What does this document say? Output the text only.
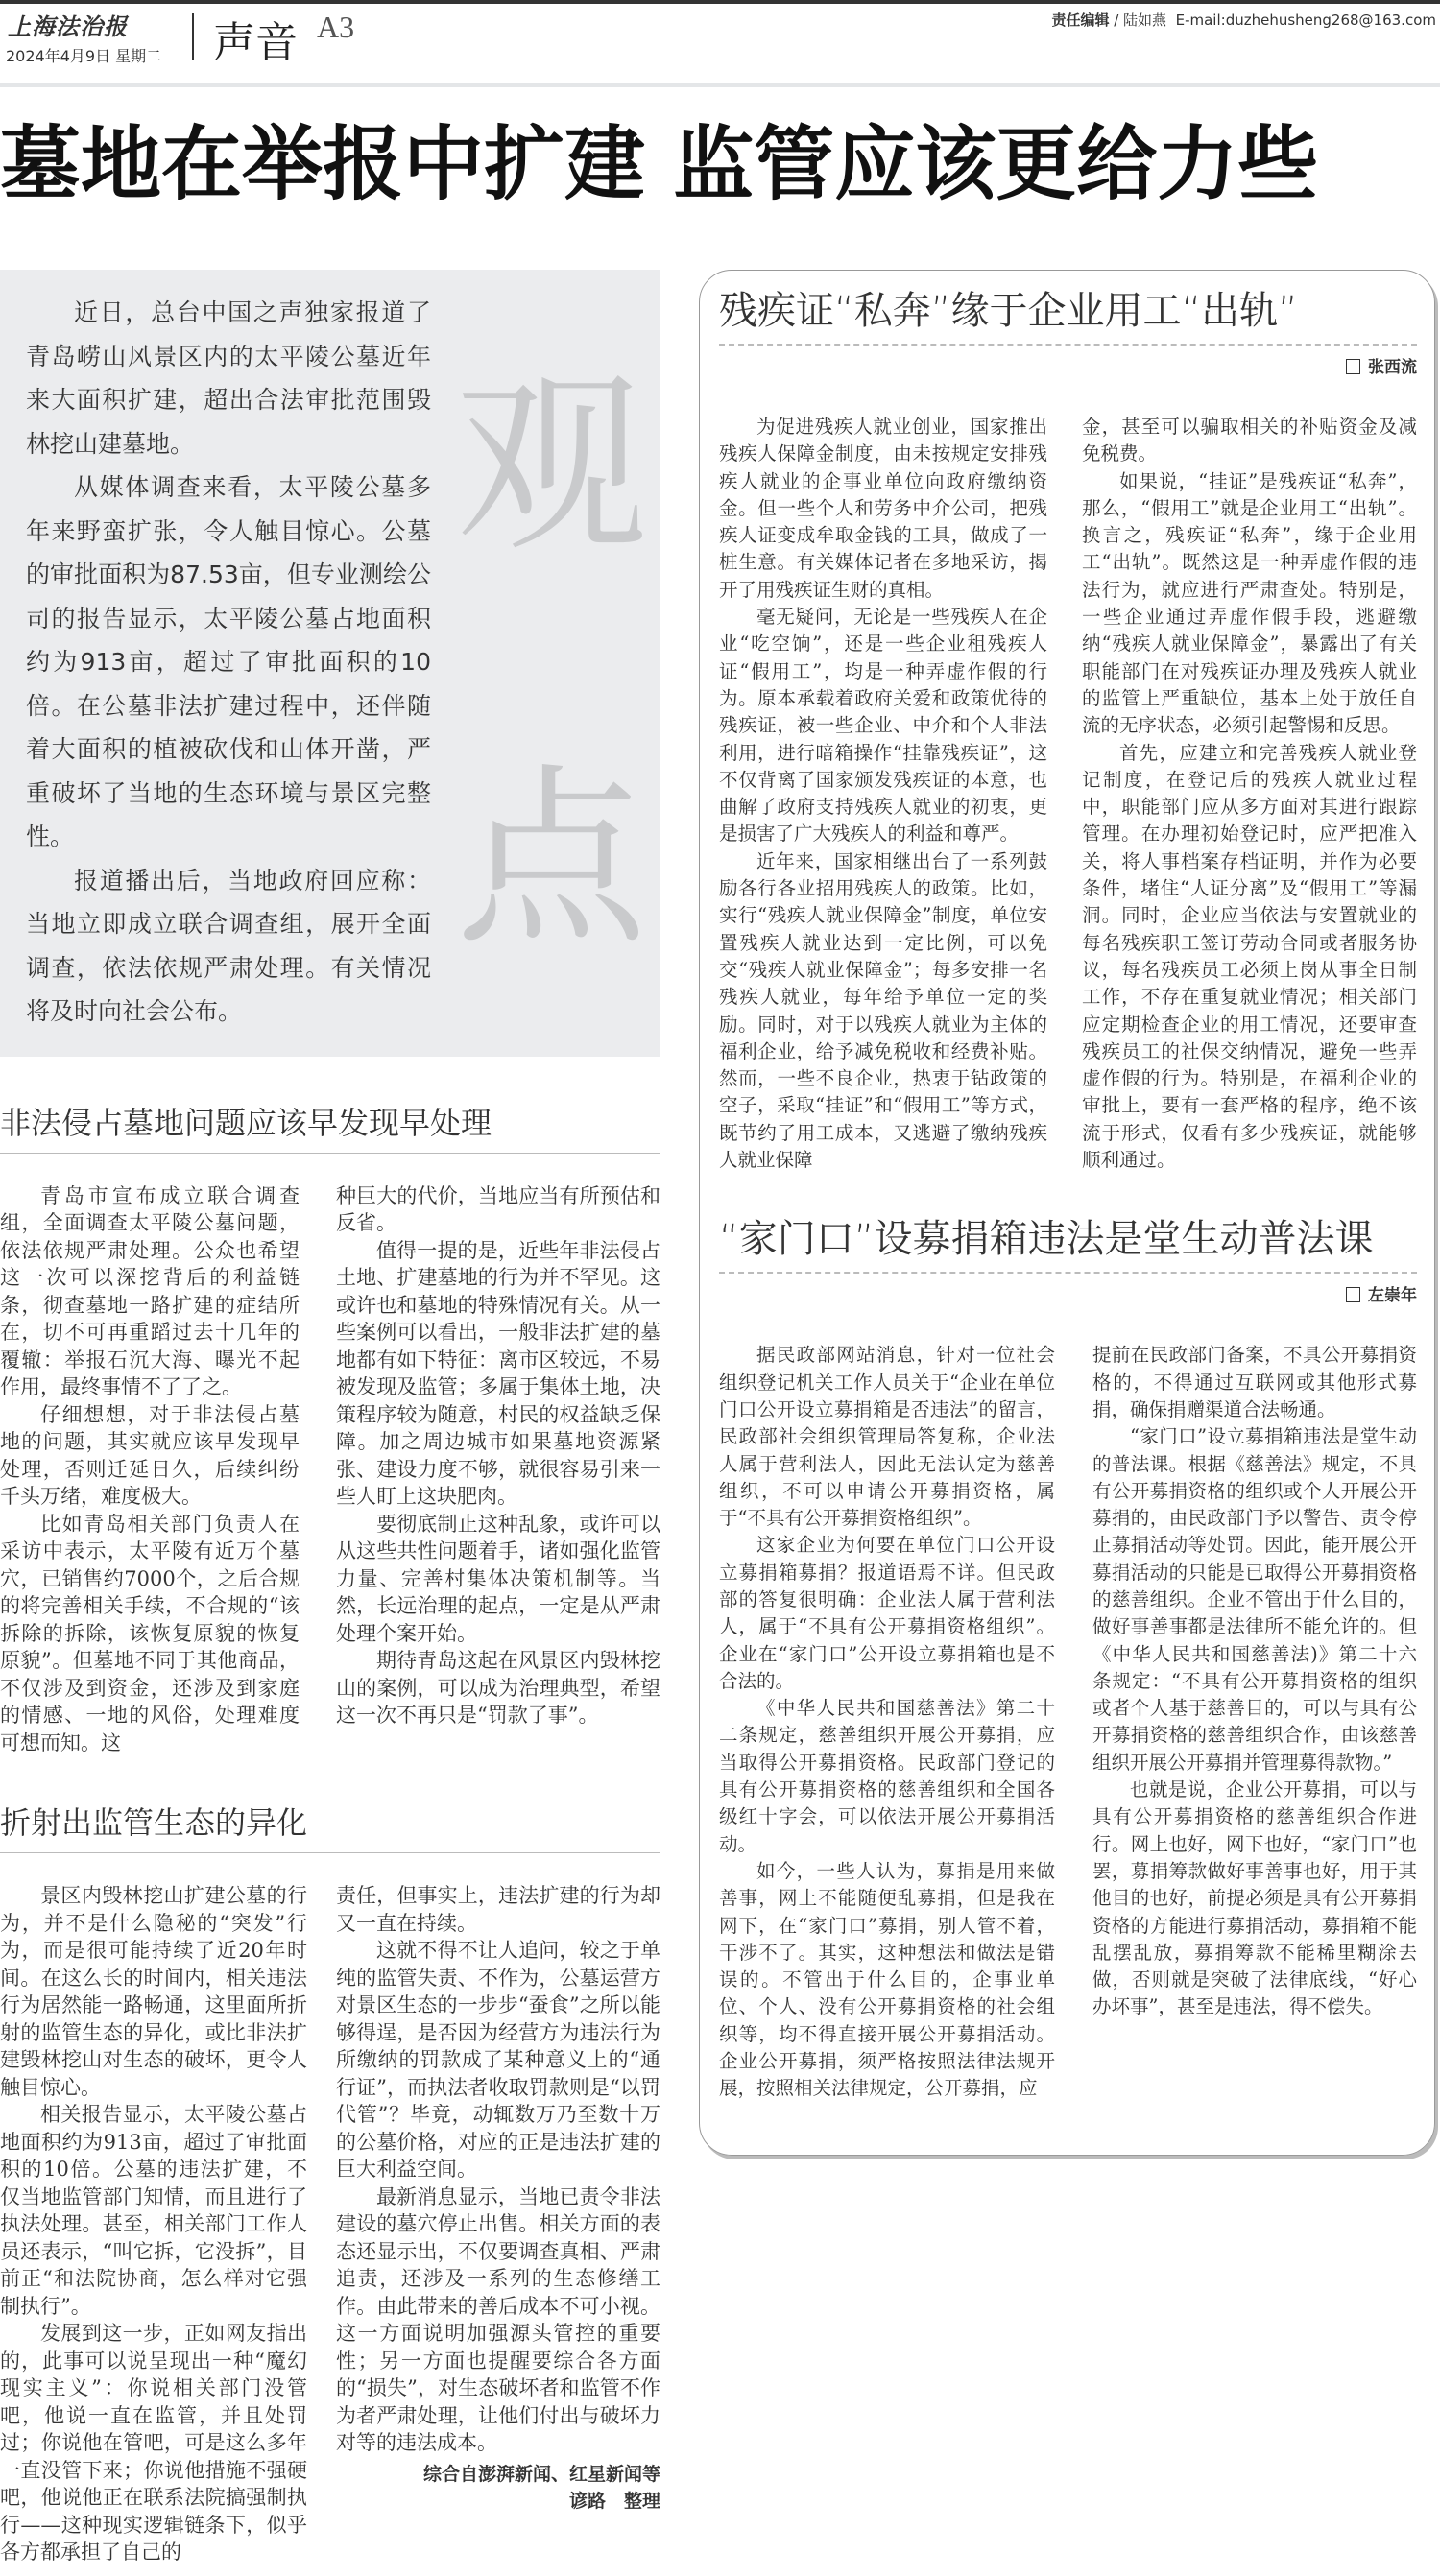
上海法治报
2024年4月9日 星期二 声音 A3	责任编辑 / 陆如燕 E-mail:duzhehusheng268@163.com
墓地在举报中扩建 监管应该更给力些

近日，总台中国之声独家报道了青岛崂山风景区内的太平陵公墓近年来大面积扩建，超出合法审批范围毁林挖山建墓地。

从媒体调查来看，太平陵公墓多年来野蛮扩张，令人触目惊心。公墓的审批面积为87.53亩，但专业测绘公司的报告显示，太平陵公墓占地面积约为913亩，超过了审批面积的10倍。在公墓非法扩建过程中，还伴随着大面积的植被砍伐和山体开凿，严重破坏了当地的生态环境与景区完整性。

报道播出后，当地政府回应称：当地立即成立联合调查组，展开全面调查，依法依规严肃处理。有关情况将及时向社会公布。

观
点
非法侵占墓地问题应该早发现早处理

青岛市宣布成立联合调查组，全面调查太平陵公墓问题，依法依规严肃处理。公众也希望这一次可以深挖背后的利益链条，彻查墓地一路扩建的症结所在，切不可再重蹈过去十几年的覆辙：举报石沉大海、曝光不起作用，最终事情不了了之。

仔细想想，对于非法侵占墓地的问题，其实就应该早发现早处理，否则迁延日久，后续纠纷千头万绪，难度极大。

比如青岛相关部门负责人在采访中表示，太平陵有近万个墓穴，已销售约7000个，之后合规的将完善相关手续，不合规的“该拆除的拆除，该恢复原貌的恢复原貌”。但墓地不同于其他商品，不仅涉及到资金，还涉及到家庭的情感、一地的风俗，处理难度可想而知。这

种巨大的代价，当地应当有所预估和反省。

值得一提的是，近些年非法侵占土地、扩建墓地的行为并不罕见。这或许也和墓地的特殊情况有关。从一些案例可以看出，一般非法扩建的墓地都有如下特征：离市区较远，不易被发现及监管；多属于集体土地，决策程序较为随意，村民的权益缺乏保障。加之周边城市如果墓地资源紧张、建设力度不够，就很容易引来一些人盯上这块肥肉。

要彻底制止这种乱象，或许可以从这些共性问题着手，诸如强化监管力量、完善村集体决策机制等。当然，长远治理的起点，一定是从严肃处理个案开始。

期待青岛这起在风景区内毁林挖山的案例，可以成为治理典型，希望这一次不再只是“罚款了事”。

折射出监管生态的异化

景区内毁林挖山扩建公墓的行为，并不是什么隐秘的“突发”行为，而是很可能持续了近20年时间。在这么长的时间内，相关违法行为居然能一路畅通，这里面所折射的监管生态的异化，或比非法扩建毁林挖山对生态的破坏，更令人触目惊心。

相关报告显示，太平陵公墓占地面积约为913亩，超过了审批面积的10倍。公墓的违法扩建，不仅当地监管部门知情，而且进行了执法处理。甚至，相关部门工作人员还表示，“叫它拆，它没拆”，目前正“和法院协商，怎么样对它强制执行”。

发展到这一步，正如网友指出的，此事可以说呈现出一种“魔幻现实主义”：你说相关部门没管吧，他说一直在监管，并且处罚过；你说他在管吧，可是这么多年一直没管下来；你说他措施不强硬吧，他说他正在联系法院搞强制执行——这种现实逻辑链条下，似乎各方都承担了自己的

责任，但事实上，违法扩建的行为却又一直在持续。

这就不得不让人追问，较之于单纯的监管失责、不作为，公墓运营方对景区生态的一步步“蚕食”之所以能够得逞，是否因为经营方为违法行为所缴纳的罚款成了某种意义上的“通行证”，而执法者收取罚款则是“以罚代管”？毕竟，动辄数万乃至数十万的公墓价格，对应的正是违法扩建的巨大利益空间。

最新消息显示，当地已责令非法建设的墓穴停止出售。相关方面的表态还显示出，不仅要调查真相、严肃追责，还涉及一系列的生态修缮工作。由此带来的善后成本不可小视。这一方面说明加强源头管控的重要性；另一方面也提醒要综合各方面的“损失”，对生态破坏者和监管不作为者严肃处理，让他们付出与破坏力对等的违法成本。

综合自澎湃新闻、红星新闻等
谚路　整理
残疾证“私奔”缘于企业用工“出轨”
张西流

为促进残疾人就业创业，国家推出残疾人保障金制度，由未按规定安排残疾人就业的企事业单位向政府缴纳资金。但一些个人和劳务中介公司，把残疾人证变成牟取金钱的工具，做成了一桩生意。有关媒体记者在多地采访，揭开了用残疾证生财的真相。

毫无疑问，无论是一些残疾人在企业“吃空饷”，还是一些企业租残疾人证“假用工”，均是一种弄虚作假的行为。原本承载着政府关爱和政策优待的残疾证，被一些企业、中介和个人非法利用，进行暗箱操作“挂靠残疾证”，这不仅背离了国家颁发残疾证的本意，也曲解了政府支持残疾人就业的初衷，更是损害了广大残疾人的利益和尊严。

近年来，国家相继出台了一系列鼓励各行各业招用残疾人的政策。比如，实行“残疾人就业保障金”制度，单位安置残疾人就业达到一定比例，可以免交“残疾人就业保障金”；每多安排一名残疾人就业，每年给予单位一定的奖励。同时，对于以残疾人就业为主体的福利企业，给予减免税收和经费补贴。然而，一些不良企业，热衷于钻政策的空子，采取“挂证”和“假用工”等方式，既节约了用工成本，又逃避了缴纳残疾人就业保障

金，甚至可以骗取相关的补贴资金及减免税费。

如果说，“挂证”是残疾证“私奔”，那么，“假用工”就是企业用工“出轨”。换言之，残疾证“私奔”，缘于企业用工“出轨”。既然这是一种弄虚作假的违法行为，就应进行严肃查处。特别是，一些企业通过弄虚作假手段，逃避缴纳“残疾人就业保障金”，暴露出了有关职能部门在对残疾证办理及残疾人就业的监管上严重缺位，基本上处于放任自流的无序状态，必须引起警惕和反思。

首先，应建立和完善残疾人就业登记制度，在登记后的残疾人就业过程中，职能部门应从多方面对其进行跟踪管理。在办理初始登记时，应严把准入关，将人事档案存档证明，并作为必要条件，堵住“人证分离”及“假用工”等漏洞。同时，企业应当依法与安置就业的每名残疾职工签订劳动合同或者服务协议，每名残疾员工必须上岗从事全日制工作，不存在重复就业情况；相关部门应定期检查企业的用工情况，还要审查残疾员工的社保交纳情况，避免一些弄虚作假的行为。特别是，在福利企业的审批上，要有一套严格的程序，绝不该流于形式，仅看有多少残疾证，就能够顺利通过。

“家门口”设募捐箱违法是堂生动普法课
左崇年

据民政部网站消息，针对一位社会组织登记机关工作人员关于“企业在单位门口公开设立募捐箱是否违法”的留言，民政部社会组织管理局答复称，企业法人属于营利法人，因此无法认定为慈善组织，不可以申请公开募捐资格，属于“不具有公开募捐资格组织”。

这家企业为何要在单位门口公开设立募捐箱募捐？报道语焉不详。但民政部的答复很明确：企业法人属于营利法人，属于“不具有公开募捐资格组织”。企业在“家门口”公开设立募捐箱也是不合法的。

《中华人民共和国慈善法》第二十二条规定，慈善组织开展公开募捐，应当取得公开募捐资格。民政部门登记的具有公开募捐资格的慈善组织和全国各级红十字会，可以依法开展公开募捐活动。

如今，一些人认为，募捐是用来做善事，网上不能随便乱募捐，但是我在网下，在“家门口”募捐，别人管不着，干涉不了。其实，这种想法和做法是错误的。不管出于什么目的，企事业单位、个人、没有公开募捐资格的社会组织等，均不得直接开展公开募捐活动。企业公开募捐，须严格按照法律法规开展，按照相关法律规定，公开募捐，应

提前在民政部门备案，不具公开募捐资格的，不得通过互联网或其他形式募捐，确保捐赠渠道合法畅通。

“家门口”设立募捐箱违法是堂生动的普法课。根据《慈善法》规定，不具有公开募捐资格的组织或个人开展公开募捐的，由民政部门予以警告、责令停止募捐活动等处罚。因此，能开展公开募捐活动的只能是已取得公开募捐资格的慈善组织。企业不管出于什么目的，做好事善事都是法律所不能允许的。但《中华人民共和国慈善法)》第二十六条规定：“不具有公开募捐资格的组织或者个人基于慈善目的，可以与具有公开募捐资格的慈善组织合作，由该慈善组织开展公开募捐并管理募得款物。”

也就是说，企业公开募捐，可以与具有公开募捐资格的慈善组织合作进行。网上也好，网下也好，“家门口”也罢，募捐筹款做好事善事也好，用于其他目的也好，前提必须是具有公开募捐资格的方能进行募捐活动，募捐箱不能乱摆乱放，募捐筹款不能稀里糊涂去做，否则就是突破了法律底线，“好心办坏事”，甚至是违法，得不偿失。
